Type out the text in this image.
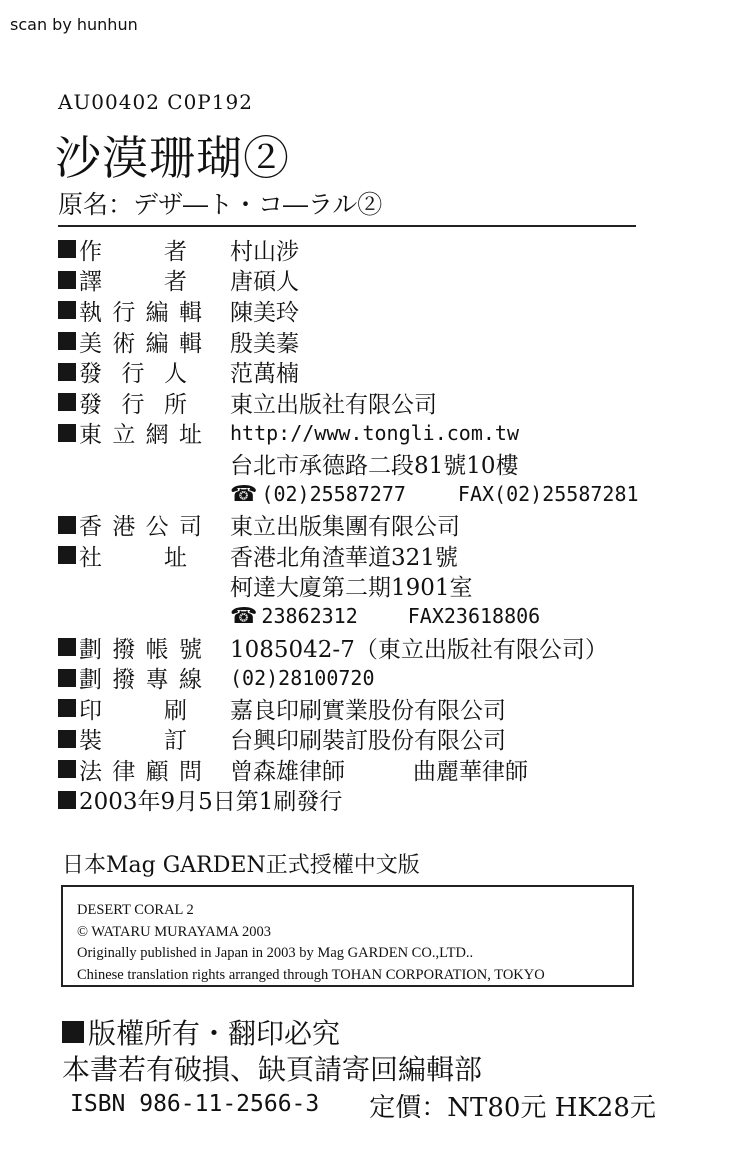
scan by hunhun
AU00402 C0P192
沙漠珊瑚②
原名：デザ―ト・コ―ラル②
作	者 村山涉
譯	者 唐碩人
執 行 編 輯 陳美玲
美 術 編 輯 殷美蓁
發 行 人 范萬楠
發 行 所 東立出版社有限公司
東 立 網 址 http://www.tongli.com.tw
台北市承德路二段81號10樓
☎ (02)25587277	FAX(02)25587281
香 港 公 司 東立出版集團有限公司
社	址 香港北角渣華道321號
柯達大廈第二期1901室
☎ 23862312	FAX23618806
劃 撥 帳 號 1085042-7（東立出版社有限公司）
劃 撥 專 線 (02)28100720
印	刷 嘉良印刷實業股份有限公司
裝	訂 台興印刷裝訂股份有限公司
法 律 顧 問 曾森雄律師	曲麗華律師
2003年9月5日第1刷發行
日本Mag GARDEN正式授權中文版
DESERT CORAL 2
© WATARU MURAYAMA 2003
Originally published in Japan in 2003 by Mag GARDEN CO.,LTD..
Chinese translation rights arranged through TOHAN CORPORATION, TOKYO
版權所有・翻印必究
本書若有破損、缺頁請寄回編輯部
ISBN 986-11-2566-3 定價：NT80元 HK28元
